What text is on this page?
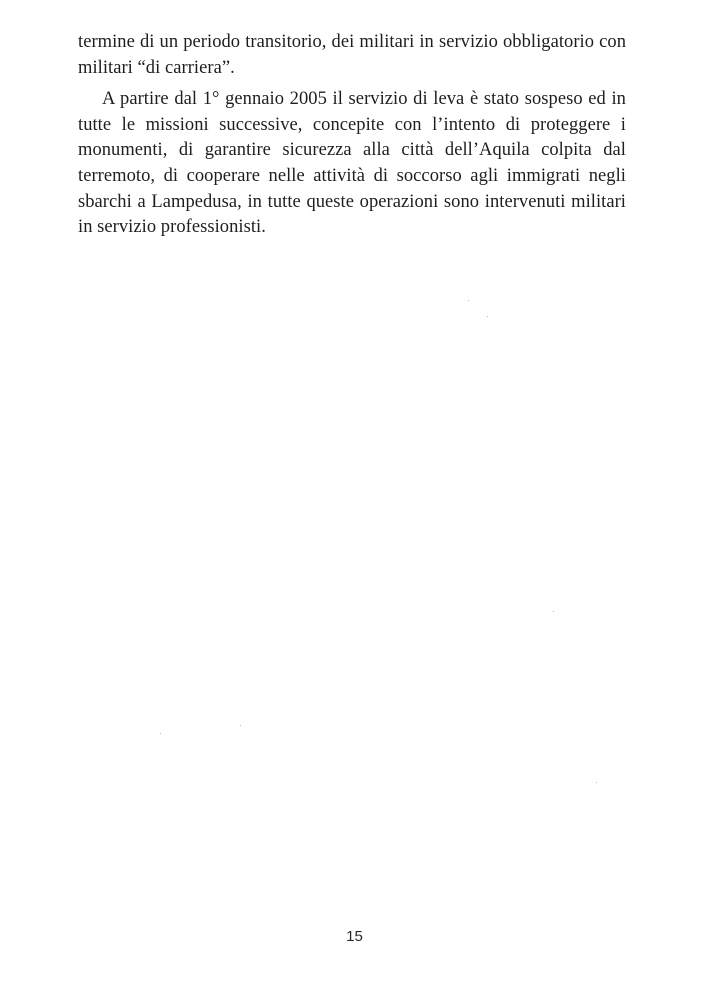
termine di un periodo transitorio, dei militari in servizio obbligatorio con militari “di carriera”.

A partire dal 1° gennaio 2005 il servizio di leva è stato sospeso ed in tutte le missioni successive, concepite con l’intento di proteggere i monumenti, di garantire sicurezza alla città dell’Aquila colpita dal terremoto, di cooperare nelle attività di soccorso agli immigrati negli sbarchi a Lampedusa, in tutte queste operazioni sono intervenuti militari in servizio professionisti.

15
